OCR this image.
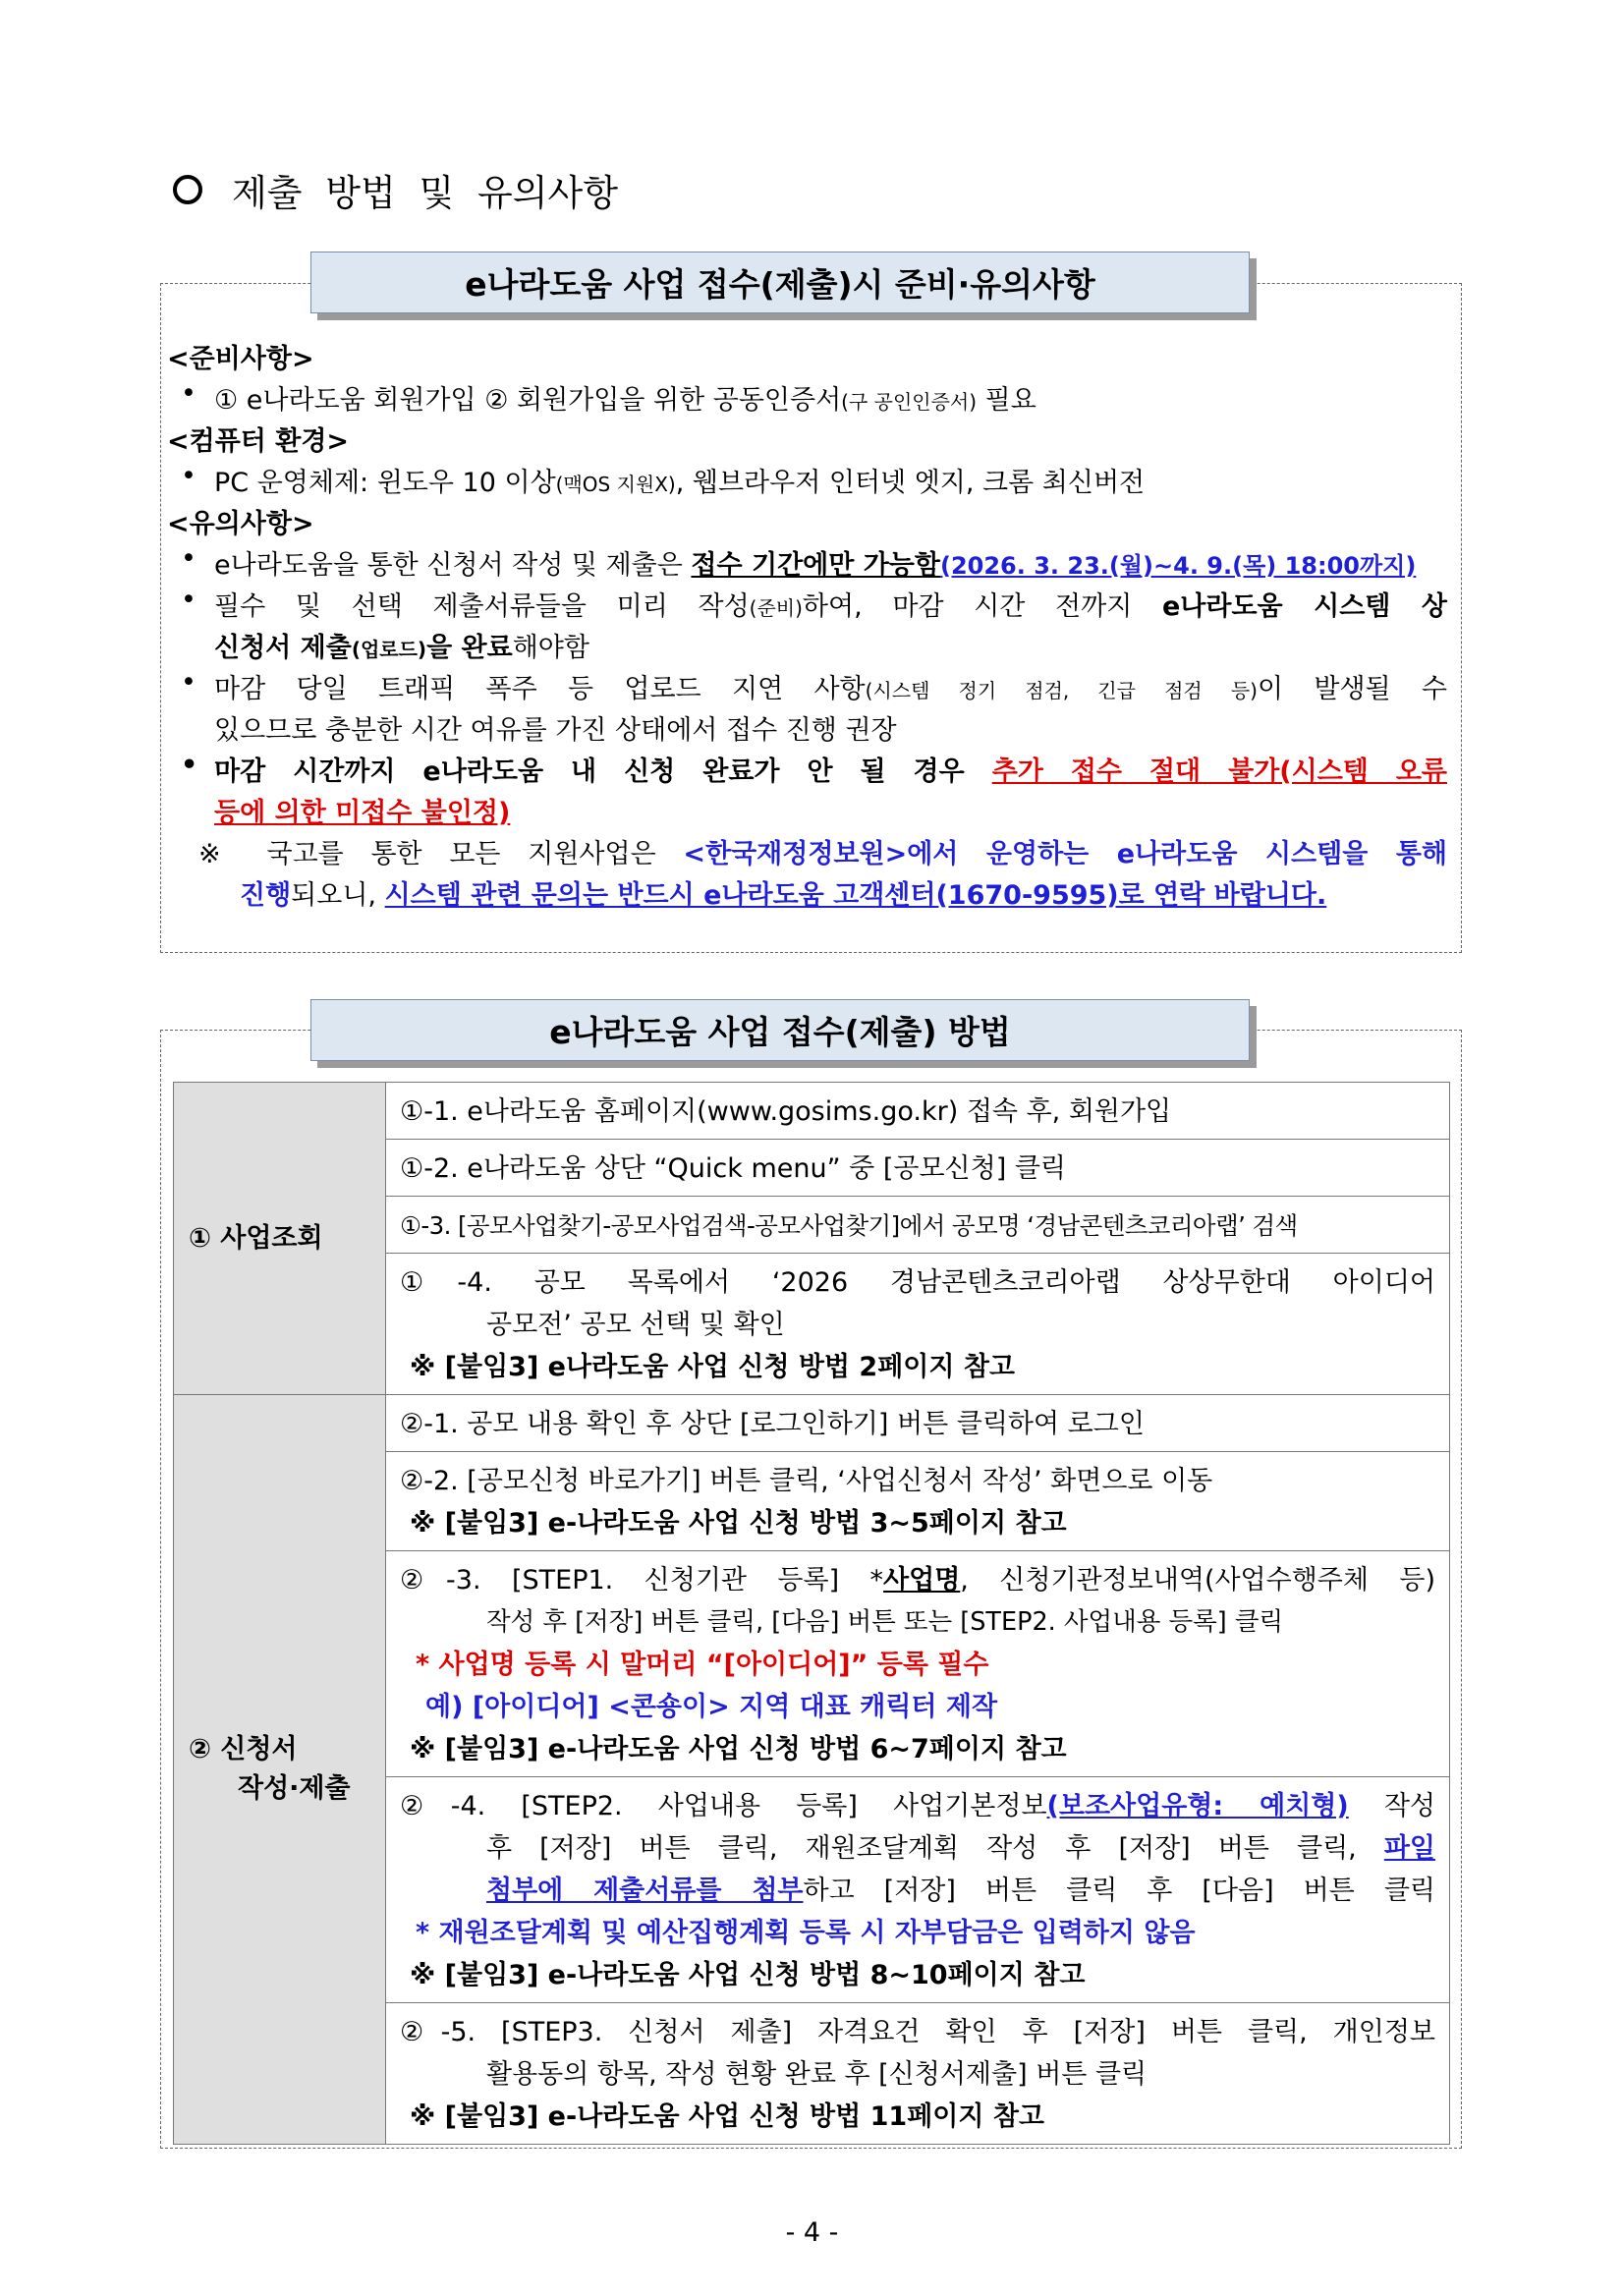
제출 방법 및 유의사항
e나라도움 사업 접수(제출)시 준비·유의사항
<준비사항>
• ① e나라도움 회원가입 ② 회원가입을 위한 공동인증서(구 공인인증서) 필요
<컴퓨터 환경>
• PC 운영체제: 윈도우 10 이상(맥OS 지원X), 웹브라우저 인터넷 엣지, 크롬 최신버전
<유의사항>
• e나라도움을 통한 신청서 작성 및 제출은 접수 기간에만 가능함(2026. 3. 23.(월)~4. 9.(목) 18:00까지)
• 필수 및 선택 제출서류들을 미리 작성(준비)하여, 마감 시간 전까지 e나라도움 시스템 상
신청서 제출(업로드)을 완료해야함
• 마감 당일 트래픽 폭주 등 업로드 지연 사항(시스템 정기 점검, 긴급 점검 등)이 발생될 수
있으므로 충분한 시간 여유를 가진 상태에서 접수 진행 권장
• 마감 시간까지 e나라도움 내 신청 완료가 안 될 경우 추가 접수 절대 불가(시스템 오류
등에 의한 미접수 불인정)
※ 국고를 통한 모든 지원사업은 <한국재정정보원>에서 운영하는 e나라도움 시스템을 통해
진행되오니, 시스템 관련 문의는 반드시 e나라도움 고객센터(1670-9595)로 연락 바랍니다.
e나라도움 사업 접수(제출) 방법
① 사업조회	①-1. e나라도움 홈페이지(www.gosims.go.kr) 접속 후, 회원가입

	①-2. e나라도움 상단 “Quick menu” 중 [공모신청] 클릭

	①-3. [공모사업찾기-공모사업검색-공모사업찾기]에서 공모명 ‘경남콘텐츠코리아랩’ 검색

	①-4. 공모 목록에서 ‘2026 경남콘텐츠코리아랩 상상무한대 아이디어
공모전’ 공모 선택 및 확인
※ [붙임3] e나라도움 사업 신청 방법 2페이지 참고

② 신청서
작성·제출	②-1. 공모 내용 확인 후 상단 [로그인하기] 버튼 클릭하여 로그인

	②-2. [공모신청 바로가기] 버튼 클릭, ‘사업신청서 작성’ 화면으로 이동
※ [붙임3] e-나라도움 사업 신청 방법 3~5페이지 참고

	②-3. [STEP1. 신청기관 등록] *사업명, 신청기관정보내역(사업수행주체 등)
작성 후 [저장] 버튼 클릭, [다음] 버튼 또는 [STEP2. 사업내용 등록] 클릭
* 사업명 등록 시 말머리 “[아이디어]” 등록 필수
예) [아이디어] <콘숑이> 지역 대표 캐릭터 제작
※ [붙임3] e-나라도움 사업 신청 방법 6~7페이지 참고

	②-4. [STEP2. 사업내용 등록] 사업기본정보(보조사업유형: 예치형) 작성
후 [저장] 버튼 클릭, 재원조달계획 작성 후 [저장] 버튼 클릭, 파일
첨부에 제출서류를 첨부하고 [저장] 버튼 클릭 후 [다음] 버튼 클릭
* 재원조달계획 및 예산집행계획 등록 시 자부담금은 입력하지 않음
※ [붙임3] e-나라도움 사업 신청 방법 8~10페이지 참고

	②-5. [STEP3. 신청서 제출] 자격요건 확인 후 [저장] 버튼 클릭, 개인정보
활용동의 항목, 작성 현황 완료 후 [신청서제출] 버튼 클릭
※ [붙임3] e-나라도움 사업 신청 방법 11페이지 참고
- 4 -
